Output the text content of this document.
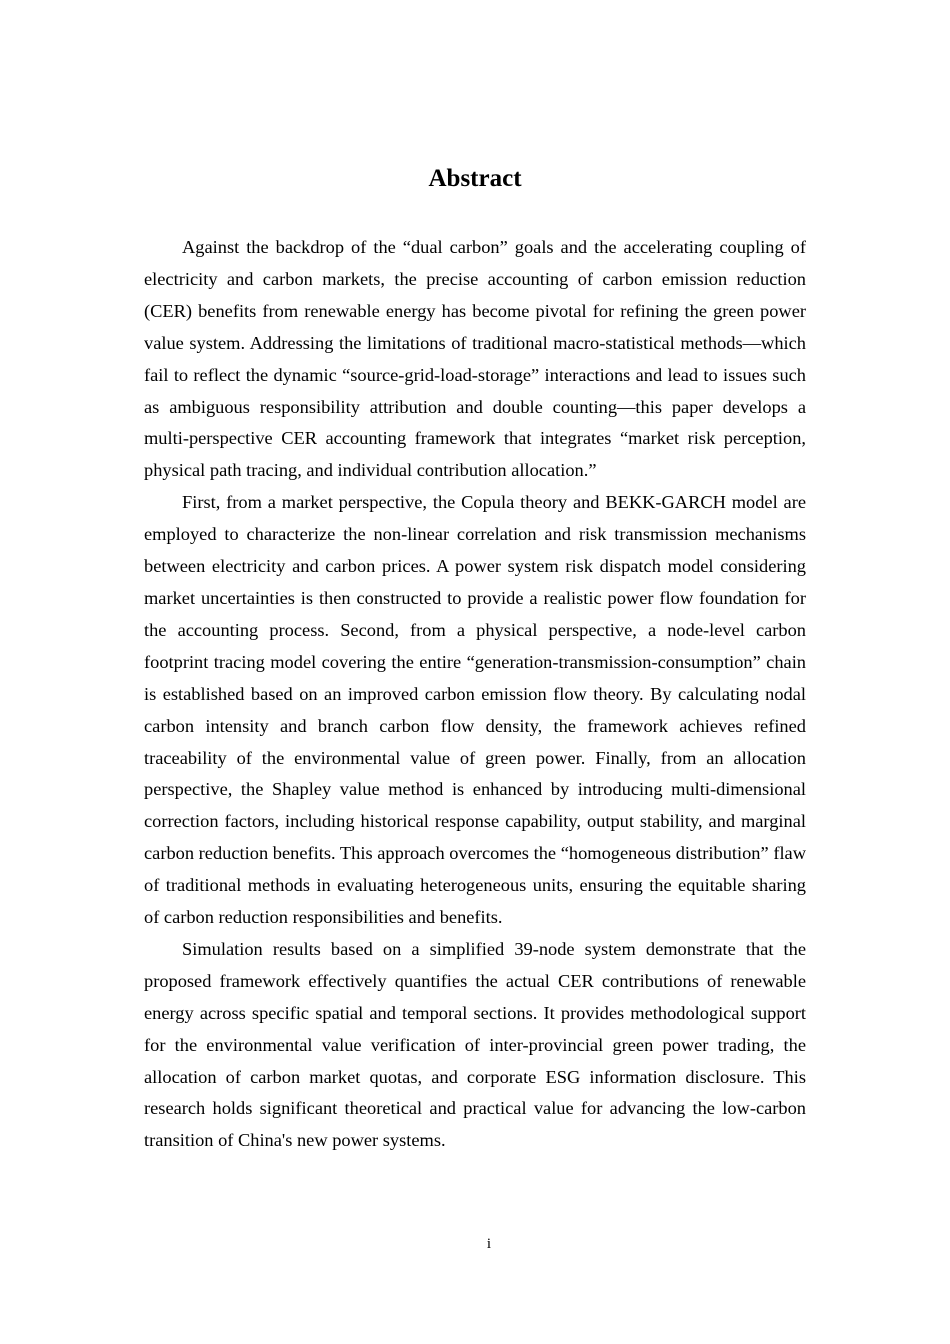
Abstract

Against the backdrop of the “dual carbon” goals and the accelerating coupling of electricity and carbon markets, the precise accounting of carbon emission reduction (CER) benefits from renewable energy has become pivotal for refining the green power value system. Addressing the limitations of traditional macro-statistical methods—which fail to reflect the dynamic “source-grid-load-storage” interactions and lead to issues such as ambiguous responsibility attribution and double counting—this paper develops a multi-perspective CER accounting framework that integrates “market risk perception, physical path tracing, and individual contribution allocation.”

First, from a market perspective, the Copula theory and BEKK-GARCH model are employed to characterize the non-linear correlation and risk transmission mechanisms between electricity and carbon prices. A power system risk dispatch model considering market uncertainties is then constructed to provide a realistic power flow foundation for the accounting process. Second, from a physical perspective, a node-level carbon footprint tracing model covering the entire “generation-transmission-consumption” chain is established based on an improved carbon emission flow theory. By calculating nodal carbon intensity and branch carbon flow density, the framework achieves refined traceability of the environmental value of green power. Finally, from an allocation perspective, the Shapley value method is enhanced by introducing multi-dimensional correction factors, including historical response capability, output stability, and marginal carbon reduction benefits. This approach overcomes the “homogeneous distribution” flaw of traditional methods in evaluating heterogeneous units, ensuring the equitable sharing of carbon reduction responsibilities and benefits.

Simulation results based on a simplified 39-node system demonstrate that the proposed framework effectively quantifies the actual CER contributions of renewable energy across specific spatial and temporal sections. It provides methodological support for the environmental value verification of inter-provincial green power trading, the allocation of carbon market quotas, and corporate ESG information disclosure. This research holds significant theoretical and practical value for advancing the low-carbon transition of China's new power systems.

i
